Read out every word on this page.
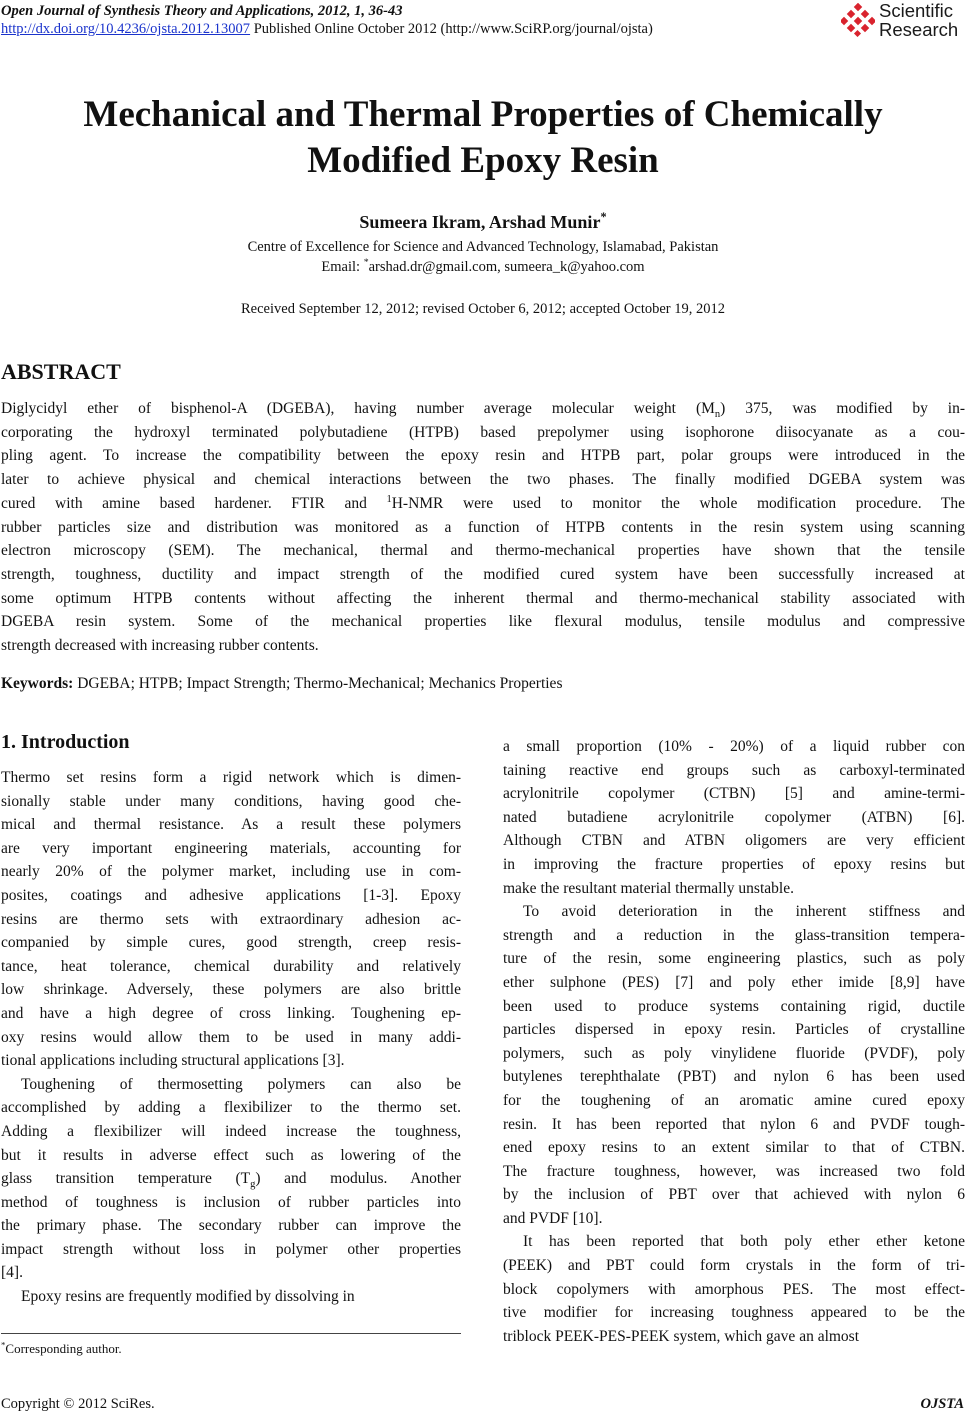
Open Journal of Synthesis Theory and Applications, 2012, 1, 36-43
http://dx.doi.org/10.4236/ojsta.2012.13007 Published Online October 2012 (http://www.SciRP.org/journal/ojsta)
Scientific
Research
Mechanical and Thermal Properties of Chemically
Modified Epoxy Resin
Sumeera Ikram, Arshad Munir*
Centre of Excellence for Science and Advanced Technology, Islamabad, Pakistan
Email: *arshad.dr@gmail.com, sumeera_k@yahoo.com
Received September 12, 2012; revised October 6, 2012; accepted October 19, 2012
ABSTRACT
Diglycidyl ether of bisphenol-A (DGEBA), having number average molecular weight $(M_n)$ 375, was modified by in-
corporating the hydroxyl terminated polybutadiene (HTPB) based prepolymer using isophorone diisocyanate as a cou-
pling agent. To increase the compatibility between the epoxy resin and HTPB part, polar groups were introduced in the
later to achieve physical and chemical interactions between the two phases. The finally modified DGEBA system was
cured with amine based hardener. FTIR and $^1$H-NMR were used to monitor the whole modification procedure. The
rubber particles size and distribution was monitored as a function of HTPB contents in the resin system using scanning
electron microscopy (SEM). The mechanical, thermal and thermo-mechanical properties have shown that the tensile
strength, toughness, ductility and impact strength of the modified cured system have been successfully increased at
some optimum HTPB contents without affecting the inherent thermal and thermo-mechanical stability associated with
DGEBA resin system. Some of the mechanical properties like flexural modulus, tensile modulus and compressive
strength decreased with increasing rubber contents.
Keywords: DGEBA; HTPB; Impact Strength; Thermo-Mechanical; Mechanics Properties
1. Introduction
Thermo set resins form a rigid network which is dimen-
sionally stable under many conditions, having good che-
mical and thermal resistance. As a result these polymers
are very important engineering materials, accounting for
nearly 20% of the polymer market, including use in com-
posites, coatings and adhesive applications [1-3]. Epoxy
resins are thermo sets with extraordinary adhesion ac-
companied by simple cures, good strength, creep resis-
tance, heat tolerance, chemical durability and relatively
low shrinkage. Adversely, these polymers are also brittle
and have a high degree of cross linking. Toughening ep-
oxy resins would allow them to be used in many addi-
tional applications including structural applications [3].
Toughening of thermosetting polymers can also be
accomplished by adding a flexibilizer to the thermo set.
Adding a flexibilizer will indeed increase the toughness,
but it results in adverse effect such as lowering of the
glass transition temperature $(T_g)$ and modulus. Another
method of toughness is inclusion of rubber particles into
the primary phase. The secondary rubber can improve the
impact strength without loss in polymer other properties
[4].
Epoxy resins are frequently modified by dissolving in
a small proportion (10% - 20%) of a liquid rubber con
taining reactive end groups such as carboxyl-terminated
acrylonitrile copolymer (CTBN) [5] and amine-termi-
nated butadiene acrylonitrile copolymer (ATBN) [6].
Although CTBN and ATBN oligomers are very efficient
in improving the fracture properties of epoxy resins but
make the resultant material thermally unstable.
To avoid deterioration in the inherent stiffness and
strength and a reduction in the glass-transition tempera-
ture of the resin, some engineering plastics, such as poly
ether sulphone (PES) [7] and poly ether imide [8,9] have
been used to produce systems containing rigid, ductile
particles dispersed in epoxy resin. Particles of crystalline
polymers, such as poly vinylidene fluoride (PVDF), poly
butylenes terephthalate (PBT) and nylon 6 has been used
for the toughening of an aromatic amine cured epoxy
resin. It has been reported that nylon 6 and PVDF tough-
ened epoxy resins to an extent similar to that of CTBN.
The fracture toughness, however, was increased two fold
by the inclusion of PBT over that achieved with nylon 6
and PVDF [10].
It has been reported that both poly ether ether ketone
(PEEK) and PBT could form crystals in the form of tri-
block copolymers with amorphous PES. The most effect-
tive modifier for increasing toughness appeared to be the
triblock PEEK-PES-PEEK system, which gave an almost
*Corresponding author.
Copyright © 2012 SciRes.	OJSTA
